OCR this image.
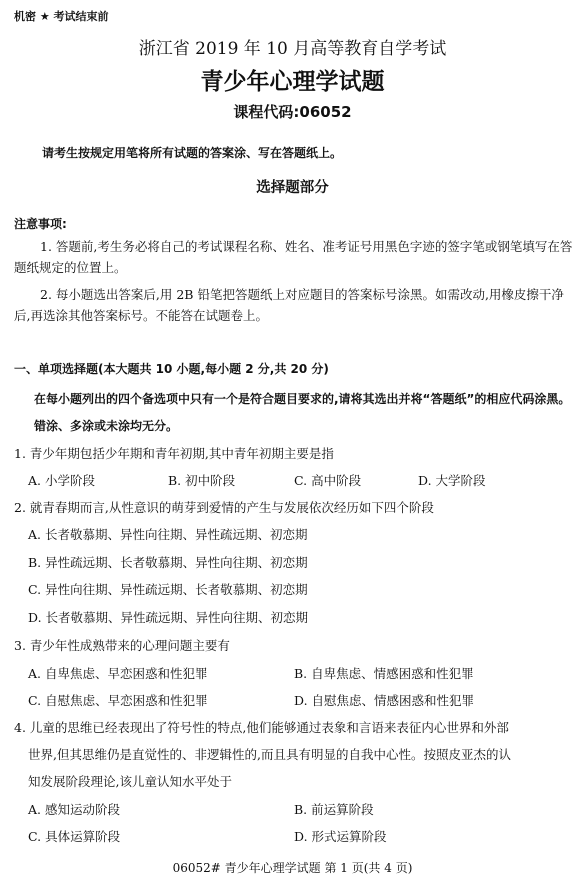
机密 ★ 考试结束前
浙江省 2019 年 10 月高等教育自学考试
青少年心理学试题
课程代码:06052
请考生按规定用笔将所有试题的答案涂、写在答题纸上。
选择题部分
注意事项:
1. 答题前,考生务必将自己的考试课程名称、姓名、准考证号用黑色字迹的签字笔或钢笔填写在答题纸规定的位置上。
2. 每小题选出答案后,用 2B 铅笔把答题纸上对应题目的答案标号涂黑。如需改动,用橡皮擦干净后,再选涂其他答案标号。不能答在试题卷上。
一、单项选择题(本大题共 10 小题,每小题 2 分,共 20 分)
在每小题列出的四个备选项中只有一个是符合题目要求的,请将其选出并将“答题纸”的相应代码涂黑。错涂、多涂或未涂均无分。
1. 青少年期包括少年期和青年初期,其中青年初期主要是指
A. 小学阶段	B. 初中阶段	C. 高中阶段	D. 大学阶段
2. 就青春期而言,从性意识的萌芽到爱情的产生与发展依次经历如下四个阶段
A. 长者敬慕期、异性向往期、异性疏远期、初恋期
B. 异性疏远期、长者敬慕期、异性向往期、初恋期
C. 异性向往期、异性疏远期、长者敬慕期、初恋期
D. 长者敬慕期、异性疏远期、异性向往期、初恋期
3. 青少年性成熟带来的心理问题主要有
A. 自卑焦虑、早恋困惑和性犯罪	B. 自卑焦虑、情感困惑和性犯罪
C. 自慰焦虑、早恋困惑和性犯罪	D. 自慰焦虑、情感困惑和性犯罪
4. 儿童的思维已经表现出了符号性的特点,他们能够通过表象和言语来表征内心世界和外部
世界,但其思维仍是直觉性的、非逻辑性的,而且具有明显的自我中心性。按照皮亚杰的认
知发展阶段理论,该儿童认知水平处于
A. 感知运动阶段	B. 前运算阶段
C. 具体运算阶段	D. 形式运算阶段
06052# 青少年心理学试题 第 1 页(共 4 页)
